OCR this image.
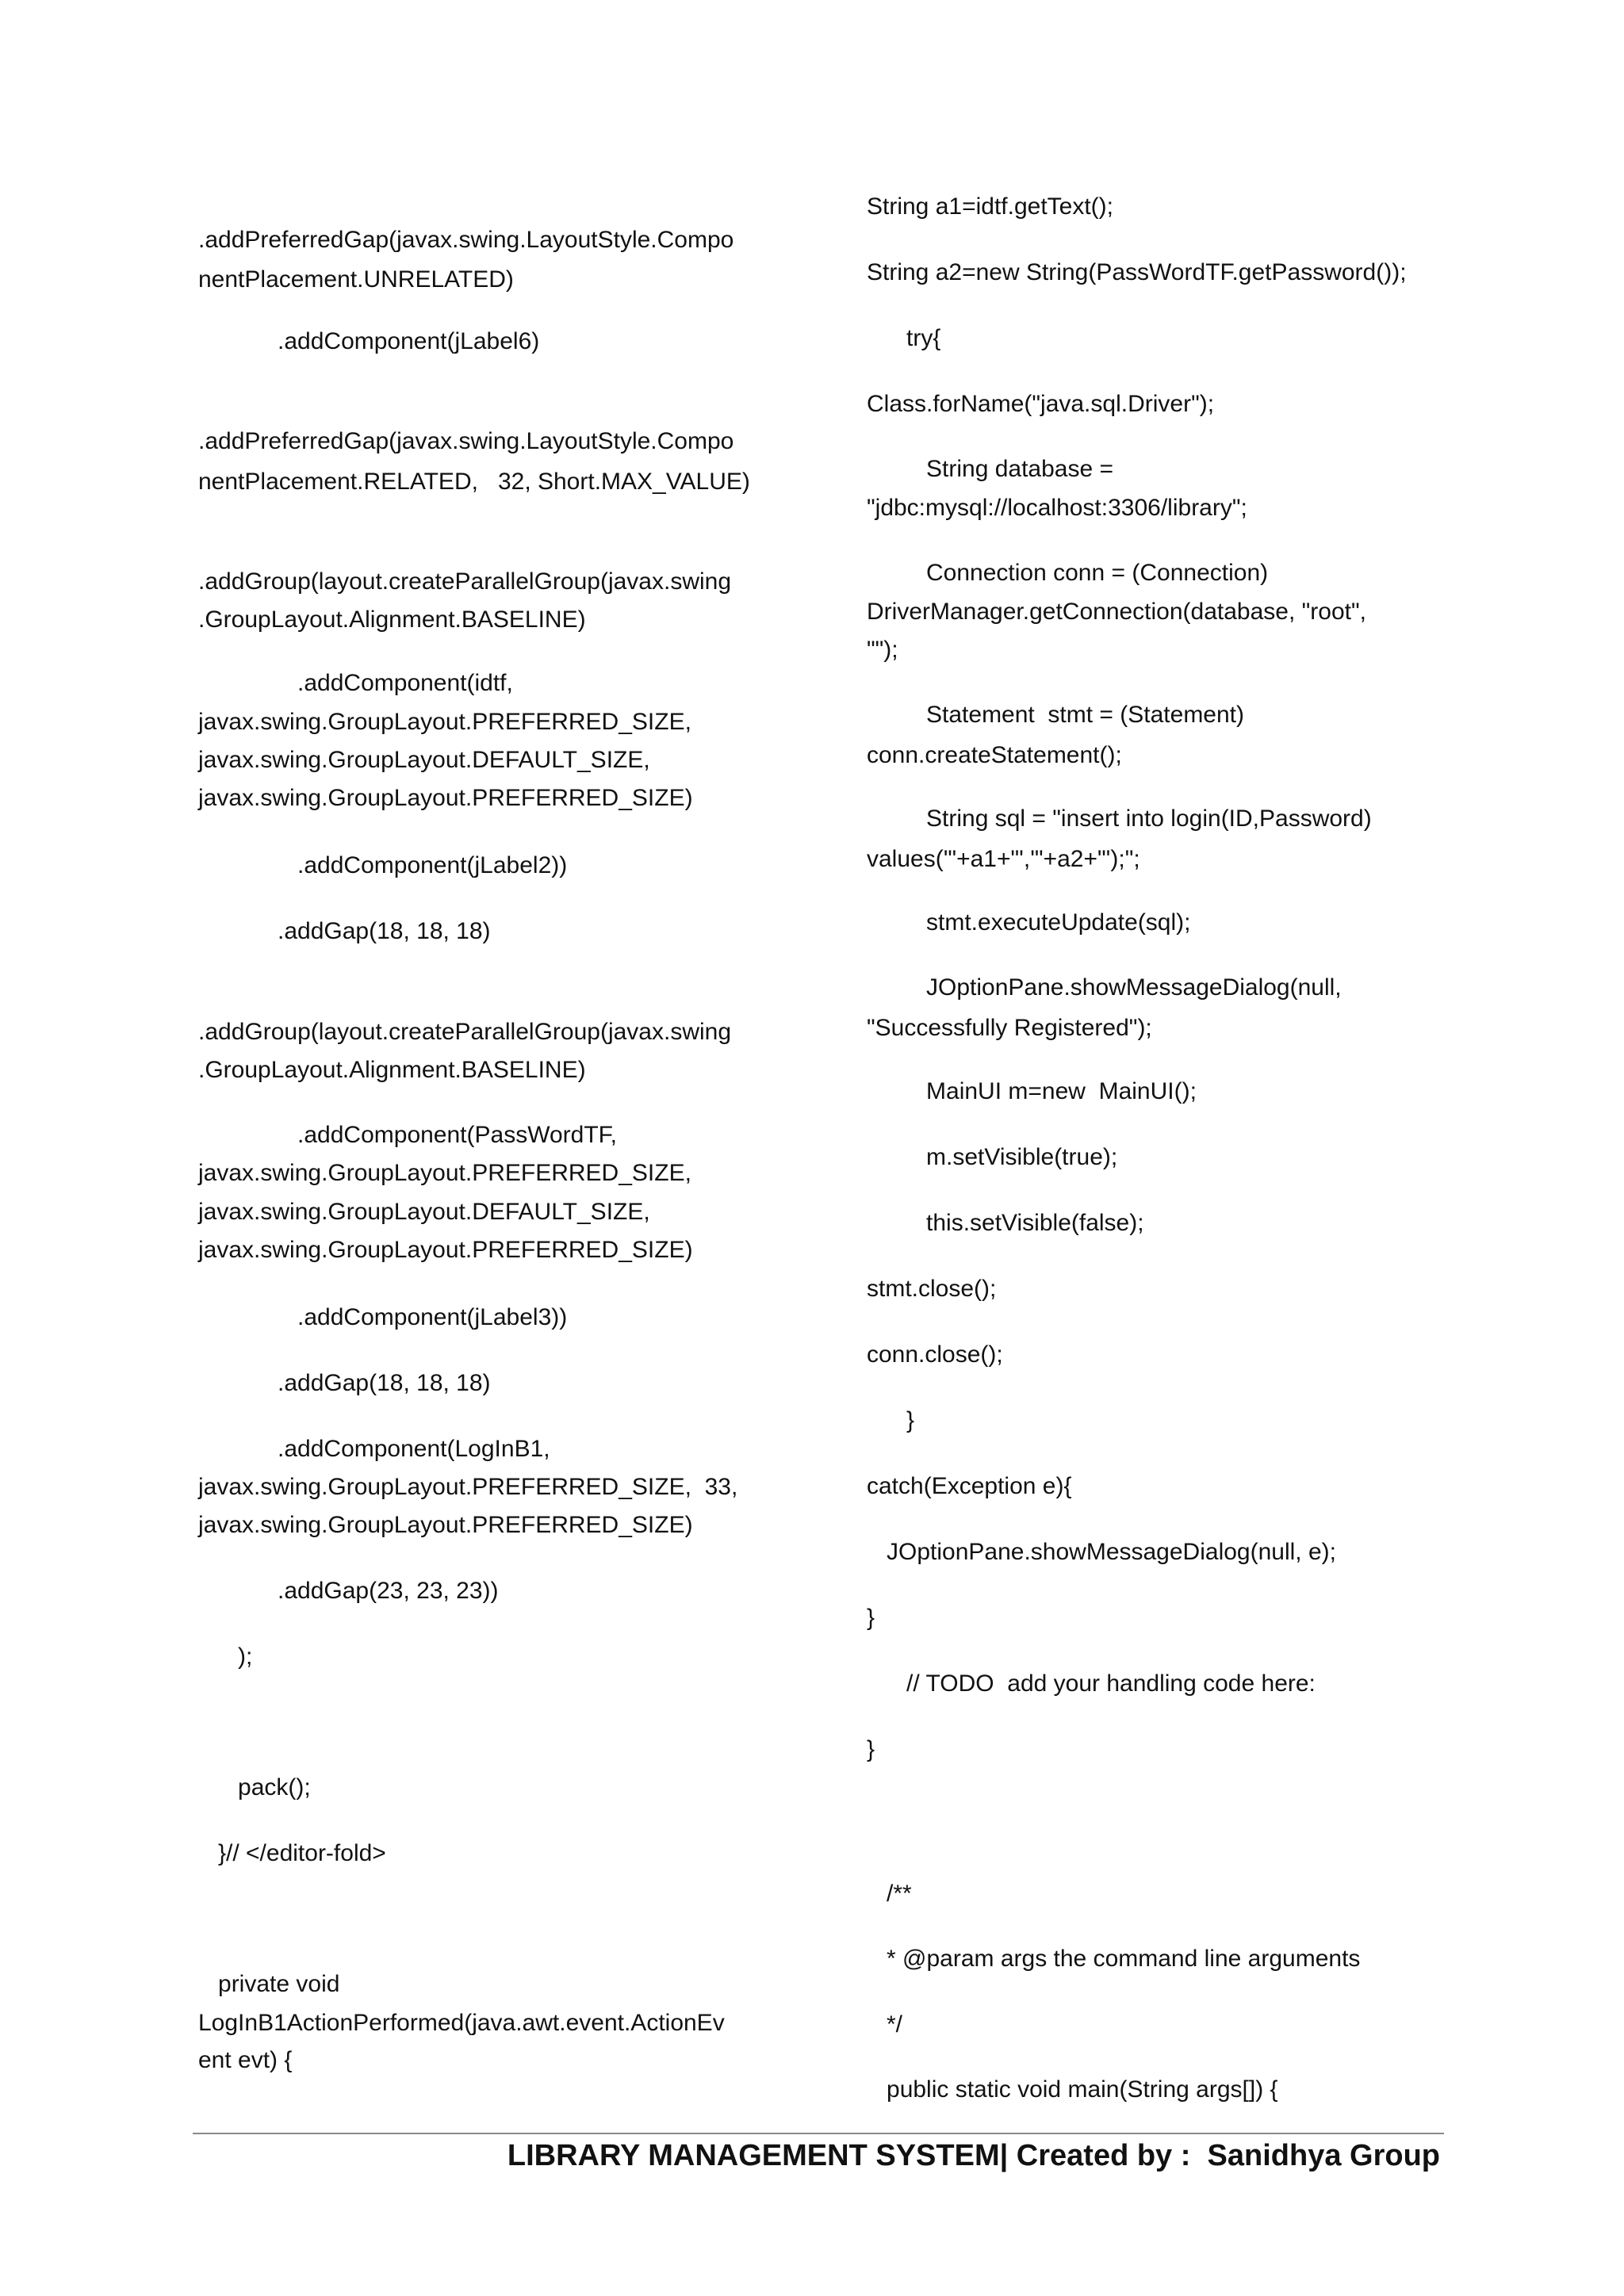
.addPreferredGap(javax.swing.LayoutStyle.Compo
nentPlacement.UNRELATED)
.addComponent(jLabel6)
.addPreferredGap(javax.swing.LayoutStyle.Compo
nentPlacement.RELATED,   32, Short.MAX_VALUE)
.addGroup(layout.createParallelGroup(javax.swing
.GroupLayout.Alignment.BASELINE)
.addComponent(idtf,
javax.swing.GroupLayout.PREFERRED_SIZE,
javax.swing.GroupLayout.DEFAULT_SIZE,
javax.swing.GroupLayout.PREFERRED_SIZE)
.addComponent(jLabel2))
.addGap(18, 18, 18)
.addGroup(layout.createParallelGroup(javax.swing
.GroupLayout.Alignment.BASELINE)
.addComponent(PassWordTF,
javax.swing.GroupLayout.PREFERRED_SIZE,
javax.swing.GroupLayout.DEFAULT_SIZE,
javax.swing.GroupLayout.PREFERRED_SIZE)
.addComponent(jLabel3))
.addGap(18, 18, 18)
.addComponent(LogInB1,
javax.swing.GroupLayout.PREFERRED_SIZE,  33,
javax.swing.GroupLayout.PREFERRED_SIZE)
.addGap(23, 23, 23))
);
pack();
}// </editor-fold>
private void
LogInB1ActionPerformed(java.awt.event.ActionEv
ent evt) {
String a1=idtf.getText();
String a2=new String(PassWordTF.getPassword());
try{
Class.forName("java.sql.Driver");
String database =
"jdbc:mysql://localhost:3306/library";
Connection conn = (Connection)
DriverManager.getConnection(database, "root",
"");
Statement  stmt = (Statement)
conn.createStatement();
String sql = "insert into login(ID,Password)
values('"+a1+"','"+a2+"');";
stmt.executeUpdate(sql);
JOptionPane.showMessageDialog(null,
"Successfully Registered");
MainUI m=new  MainUI();
m.setVisible(true);
this.setVisible(false);
stmt.close();
conn.close();
}
catch(Exception e){
JOptionPane.showMessageDialog(null, e);
}
// TODO  add your handling code here:
}
/**
* @param args the command line arguments
*/
public static void main(String args[]) {
LIBRARY MANAGEMENT SYSTEM| Created by :  Sanidhya Group
